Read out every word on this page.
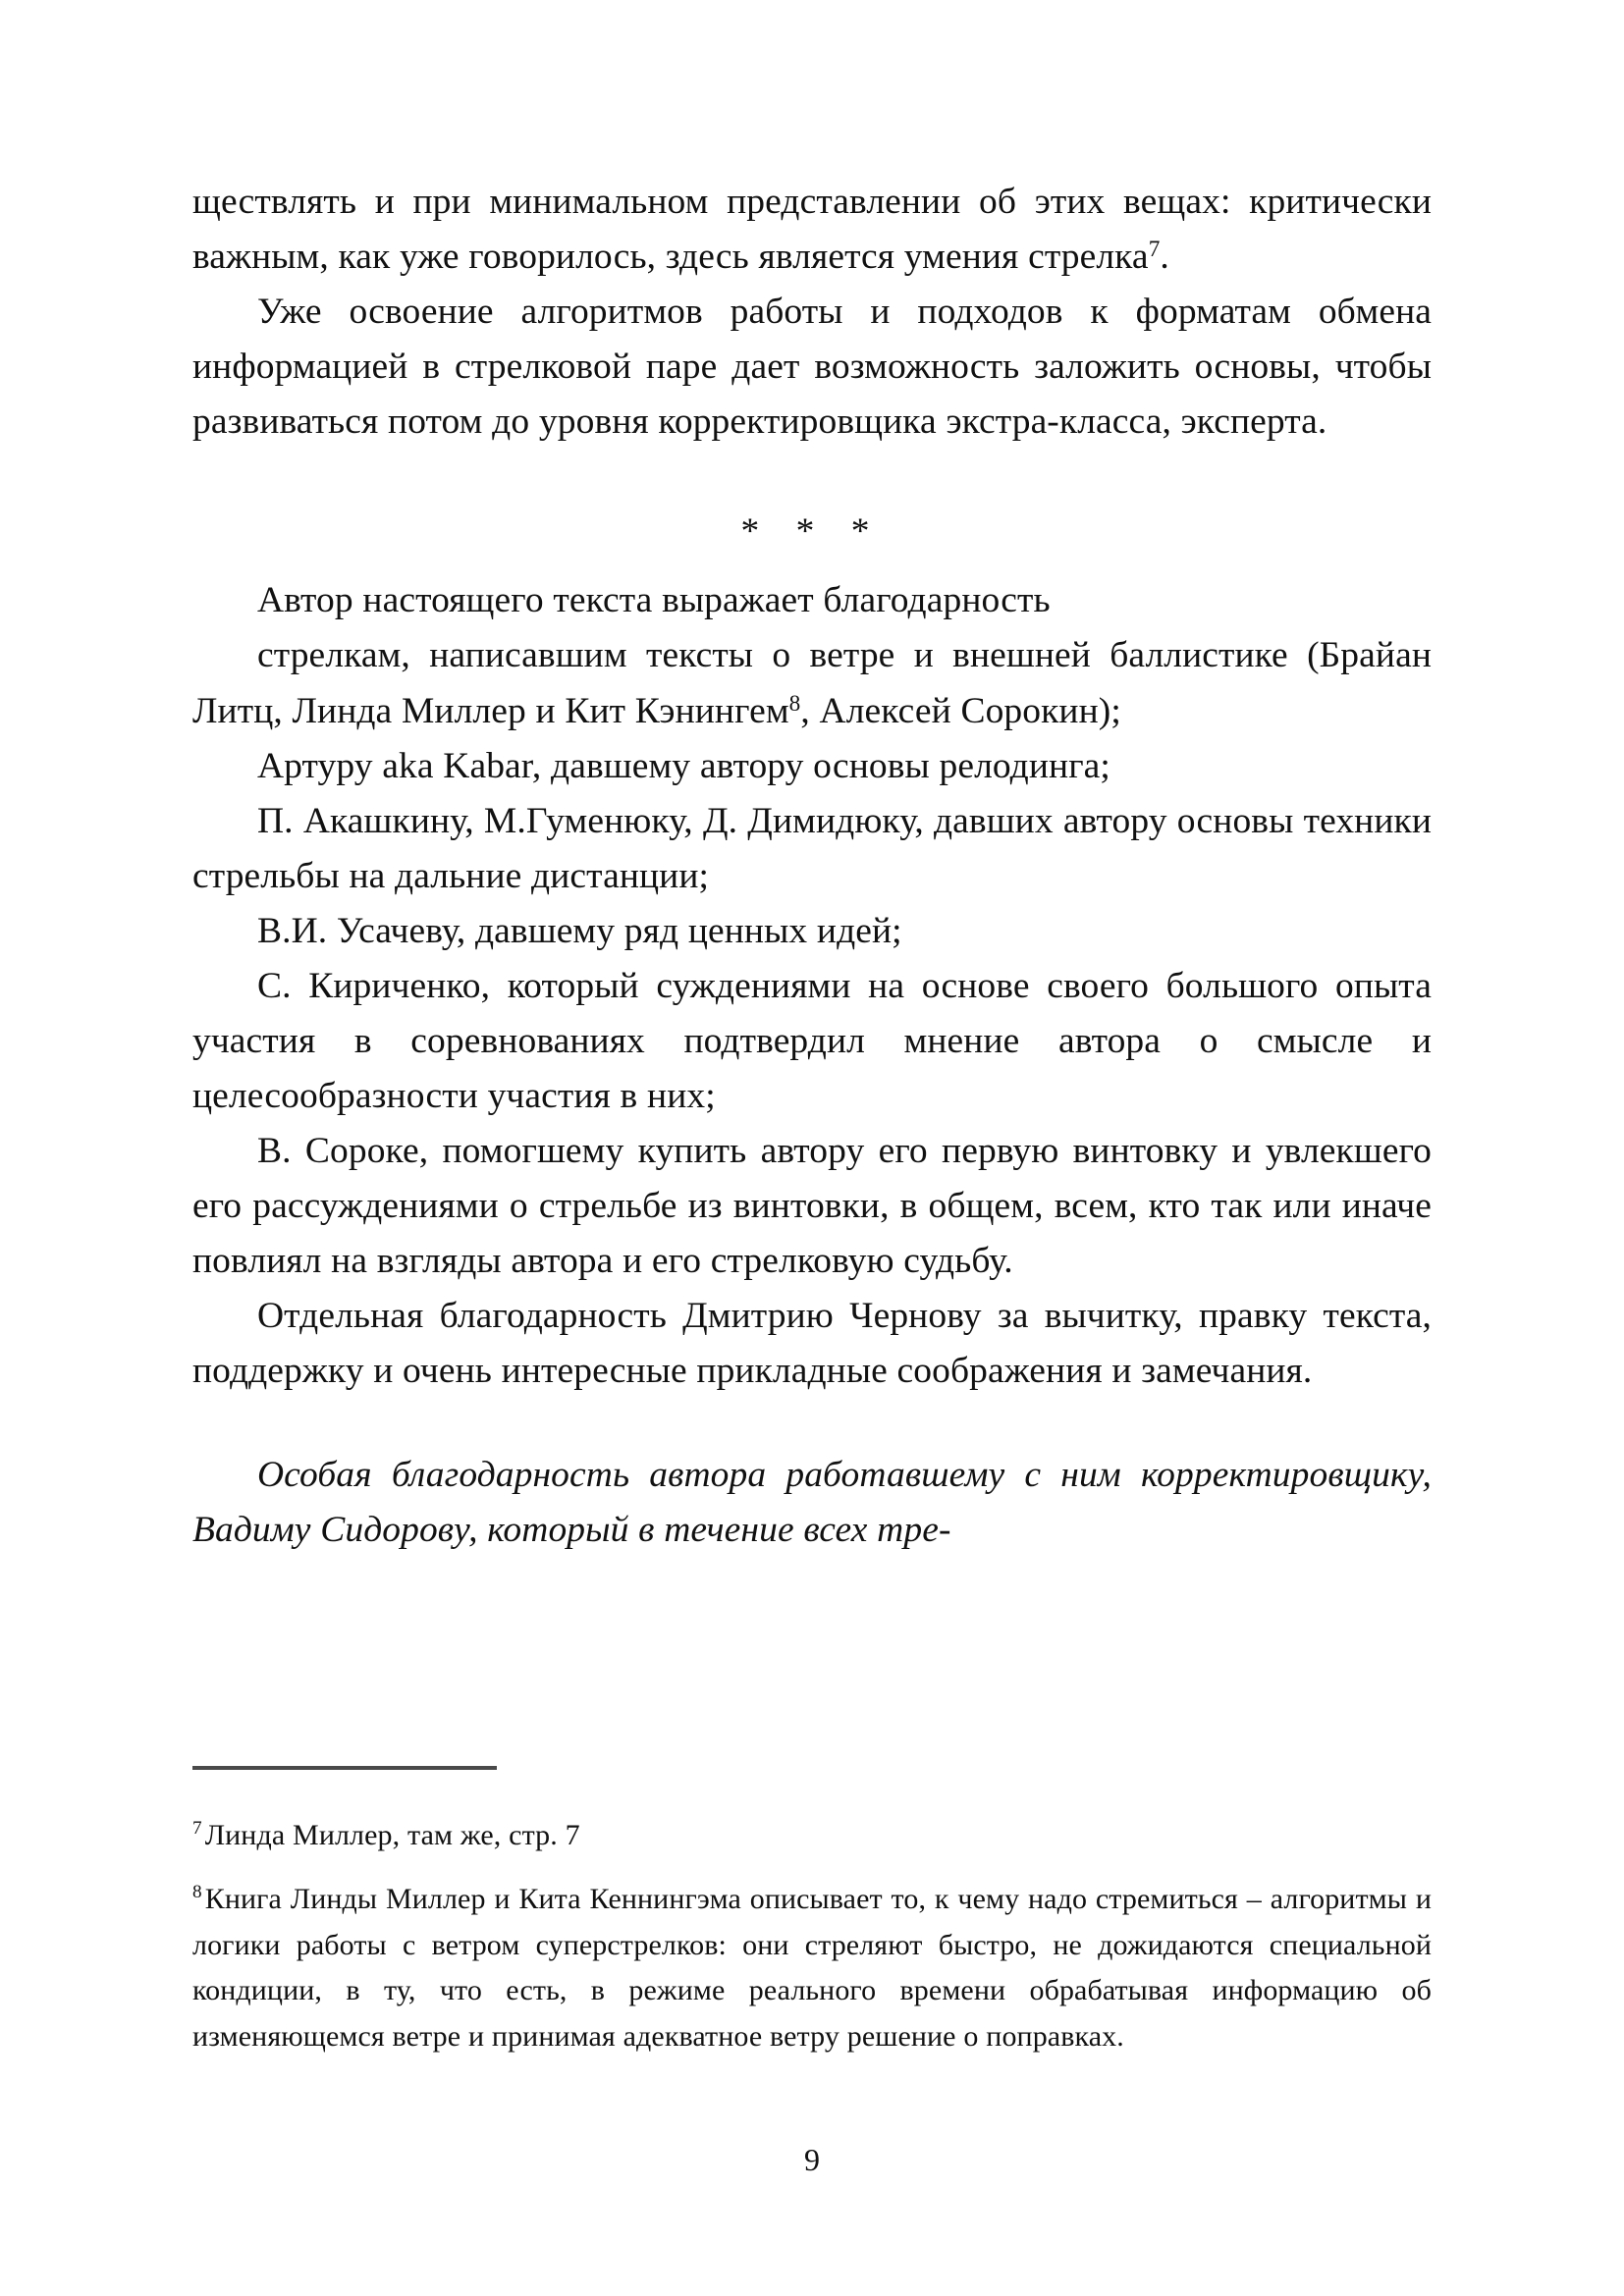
ществлять и при минимальном представлении об этих вещах: критически важным, как уже говорилось, здесь является умения стрелка$^7$.

Уже освоение алгоритмов работы и подходов к форматам обмена информацией в стрелковой паре дает возможность заложить основы, чтобы развиваться потом до уровня корректировщика экстра-класса, эксперта.

* * *

Автор настоящего текста выражает благодарность

стрелкам, написавшим тексты о ветре и внешней баллистике (Брайан Литц, Линда Миллер и Кит Кэнингем$^8$, Алексей Сорокин);

Артуру aka Kabar, давшему автору основы релодинга;

П. Акашкину, М.Гуменюку, Д. Димидюку, давших автору основы техники стрельбы на дальние дистанции;

В.И. Усачеву, давшему ряд ценных идей;

С. Кириченко, который суждениями на основе своего большого опыта участия в соревнованиях подтвердил мнение автора о смысле и целесообразности участия в них;

В. Сороке, помогшему купить автору его первую винтовку и увлекшего его рассуждениями о стрельбе из винтовки, в общем, всем, кто так или иначе повлиял на взгляды автора и его стрелковую судьбу.

Отдельная благодарность Дмитрию Чернову за вычитку, правку текста, поддержку и очень интересные прикладные соображения и замечания.

Особая благодарность автора работавшему с ним корректировщику, Вадиму Сидорову, который в течение всех тре-

$^7$ Линда Миллер, там же, стр. 7

$^8$ Книга Линды Миллер и Кита Кеннингэма описывает то, к чему надо стремиться – алгоритмы и логики работы с ветром суперстрелков: они стреляют быстро, не дожидаются специальной кондиции, в ту, что есть, в режиме реального времени обрабатывая информацию об изменяющемся ветре и принимая адекватное ветру решение о поправках.

9
